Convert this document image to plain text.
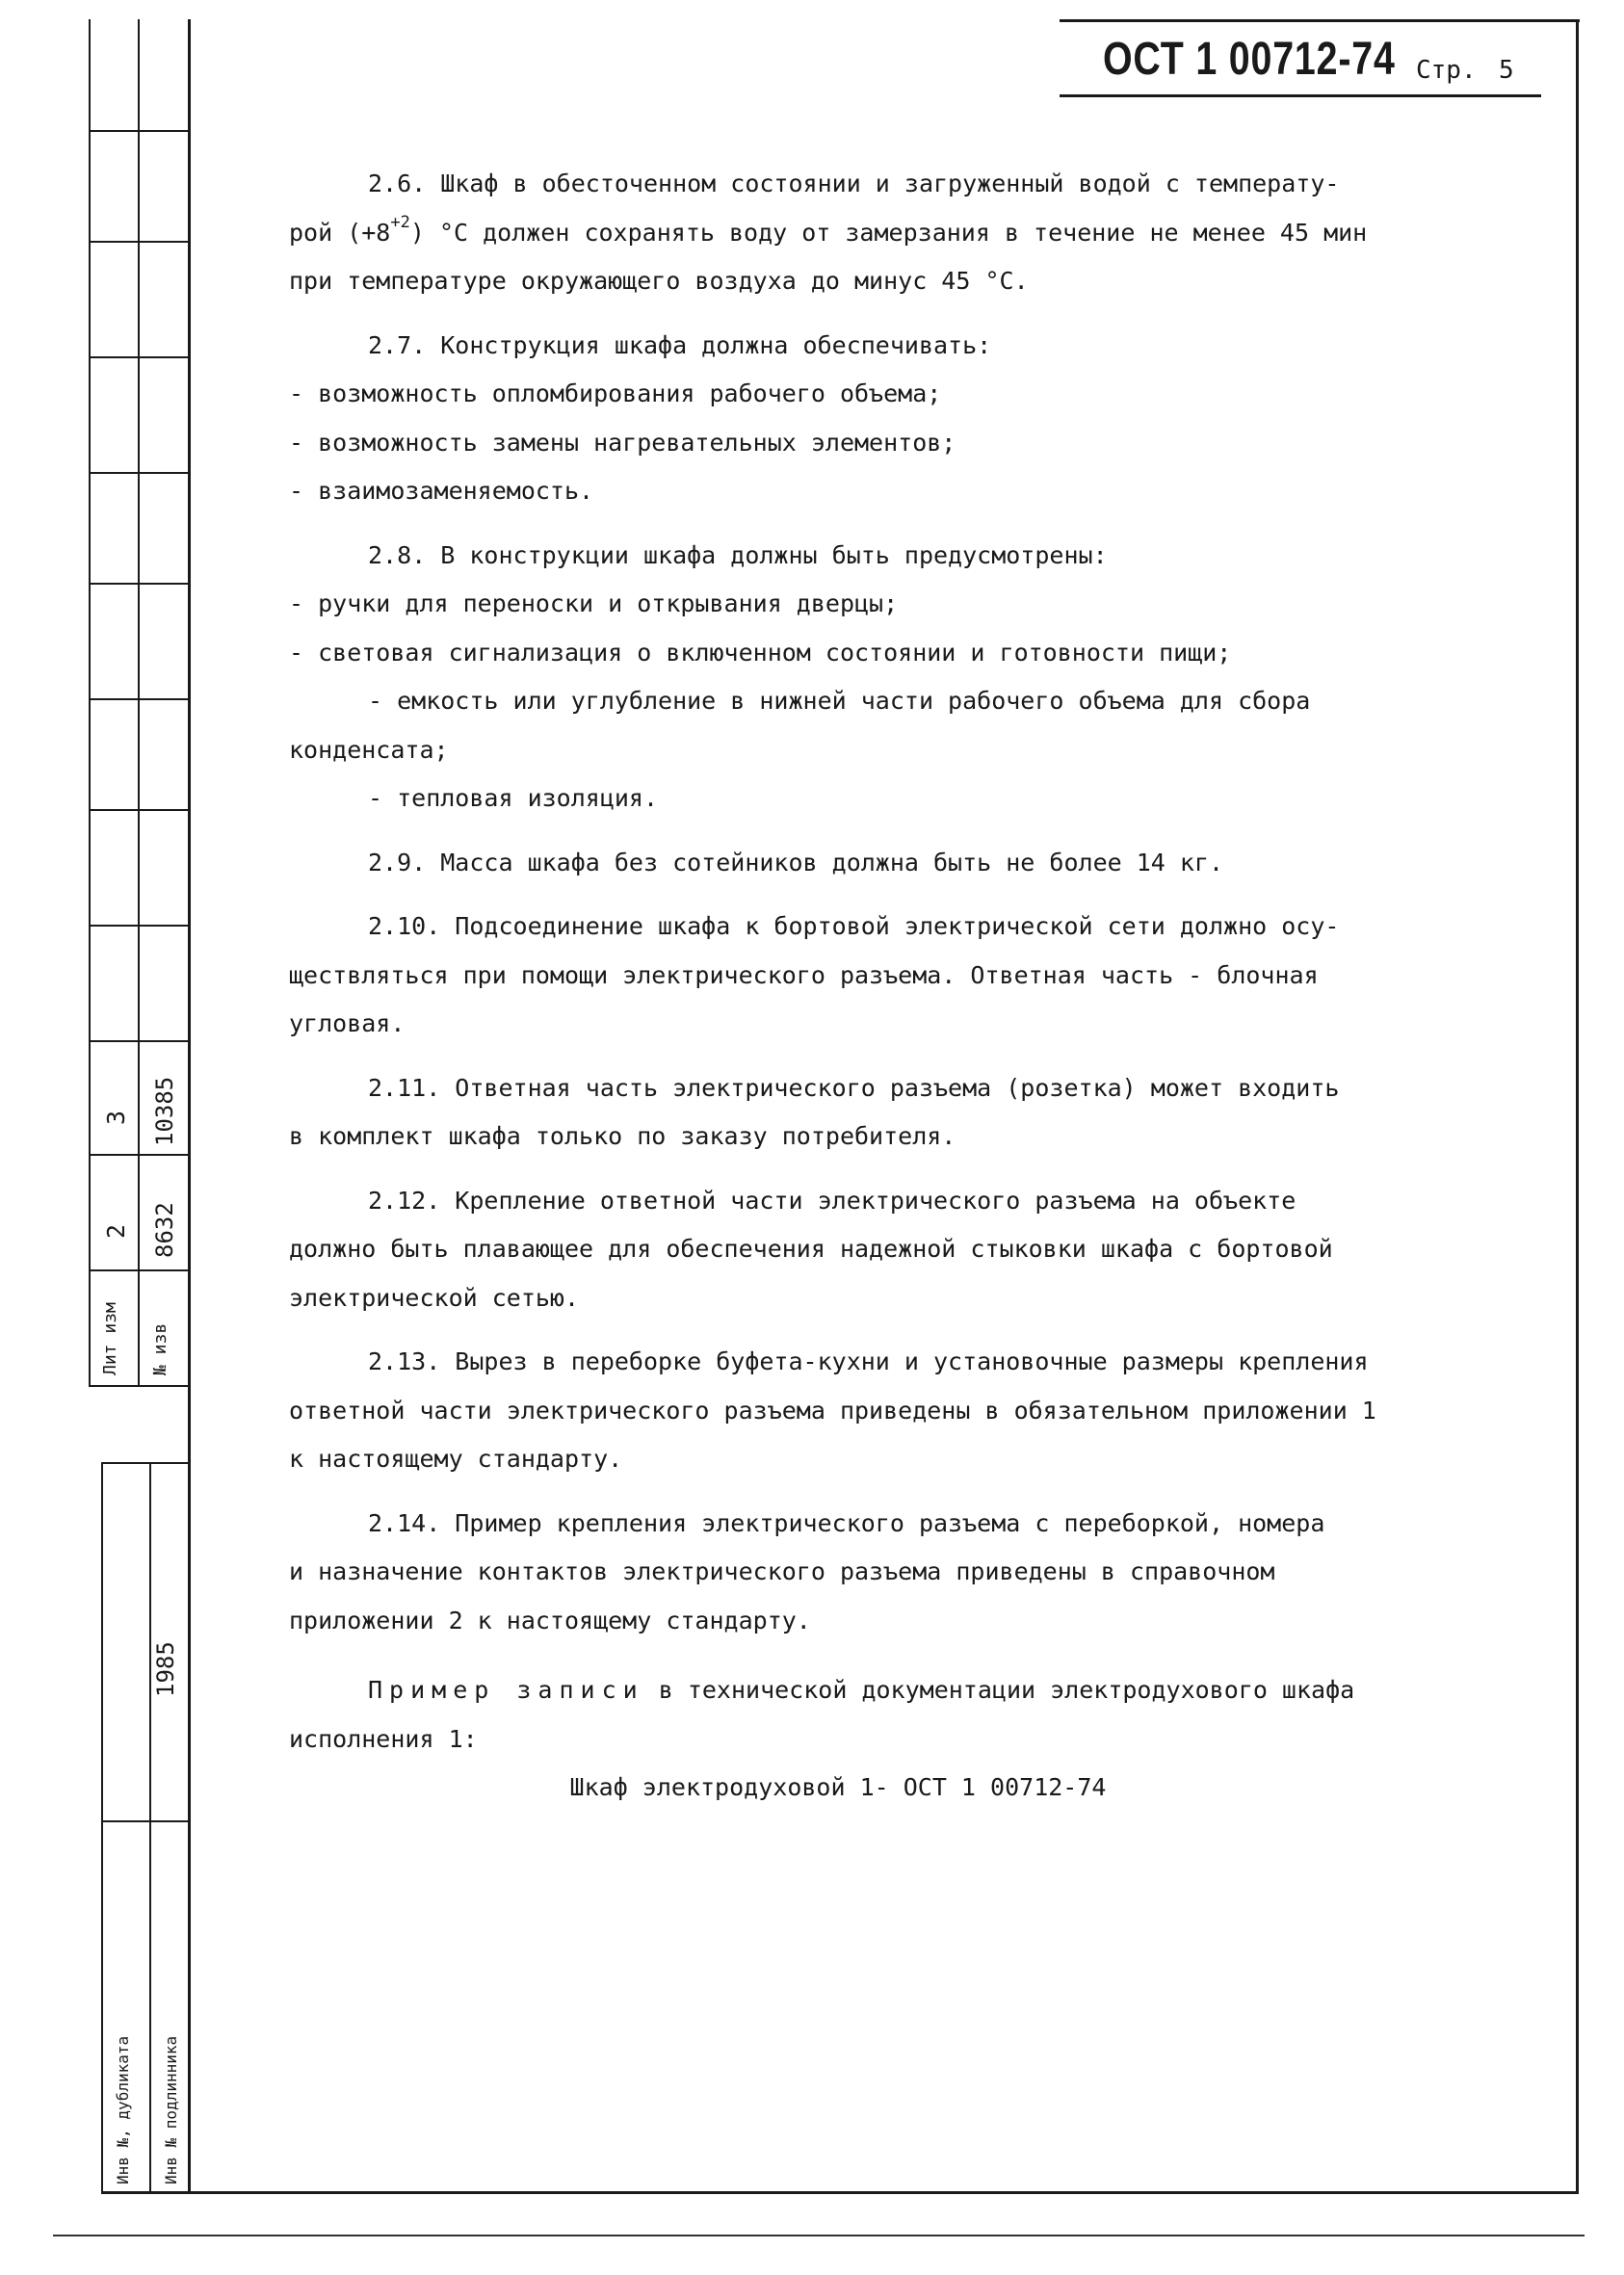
3 10385
2 8632
Лит изм № изв
1985
Инв №, дубликата Инв № подлинника
ОСТ 1 00712-74 Стр. 5

2.6. Шкаф в обесточенном состоянии и загруженный водой с температу-

рой $(+8^{+2})$ °С должен сохранять воду от замерзания в течение не менее 45 мин

при температуре окружающего воздуха до минус 45 °С.

2.7. Конструкция шкафа должна обеспечивать:

- возможность опломбирования рабочего объема;

- возможность замены нагревательных элементов;

- взаимозаменяемость.

2.8. В конструкции шкафа должны быть предусмотрены:

- ручки для переноски и открывания дверцы;

- световая сигнализация о включенном состоянии и готовности пищи;

- емкость или углубление в нижней части рабочего объема для сбора

конденсата;

- тепловая изоляция.

2.9. Масса шкафа без сотейников должна быть не более 14 кг.

2.10. Подсоединение шкафа к бортовой электрической сети должно осу-

ществляться при помощи электрического разъема. Ответная часть - блочная

угловая.

2.11. Ответная часть электрического разъема (розетка) может входить

в комплект шкафа только по заказу потребителя.

2.12. Крепление ответной части электрического разъема на объекте

должно быть плавающее для обеспечения надежной стыковки шкафа с бортовой

электрической сетью.

2.13. Вырез в переборке буфета-кухни и установочные размеры крепления

ответной части электрического разъема приведены в обязательном приложении 1

к настоящему стандарту.

2.14. Пример крепления электрического разъема с переборкой, номера

и назначение контактов электрического разъема приведены в справочном

приложении 2 к настоящему стандарту.

Пример записи в технической документации электродухового шкафа

исполнения 1:

Шкаф электродуховой 1- ОСТ 1 00712-74
